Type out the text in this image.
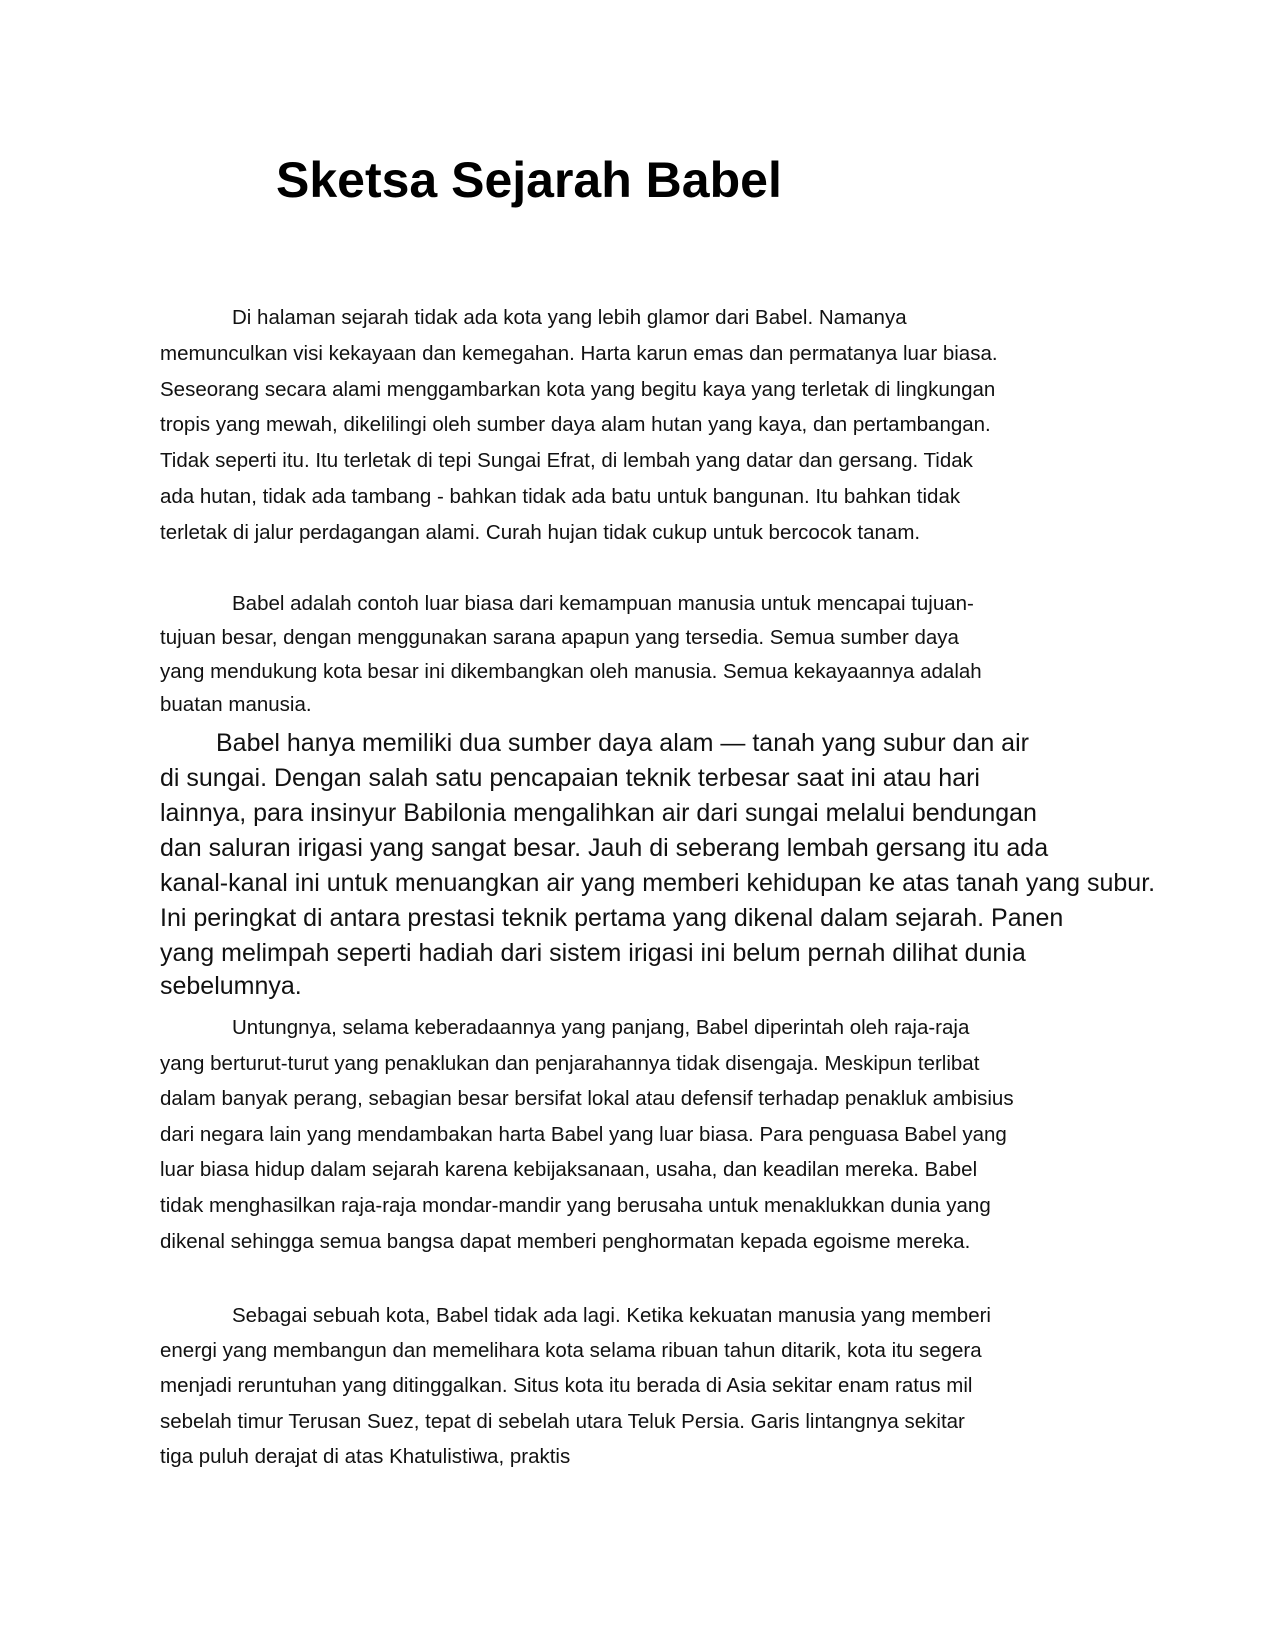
Sketsa Sejarah Babel
Di halaman sejarah tidak ada kota yang lebih glamor dari Babel. Namanya
memunculkan visi kekayaan dan kemegahan. Harta karun emas dan permatanya luar biasa.
Seseorang secara alami menggambarkan kota yang begitu kaya yang terletak di lingkungan
tropis yang mewah, dikelilingi oleh sumber daya alam hutan yang kaya, dan pertambangan.
Tidak seperti itu. Itu terletak di tepi Sungai Efrat, di lembah yang datar dan gersang. Tidak
ada hutan, tidak ada tambang - bahkan tidak ada batu untuk bangunan. Itu bahkan tidak
terletak di jalur perdagangan alami. Curah hujan tidak cukup untuk bercocok tanam.
Babel adalah contoh luar biasa dari kemampuan manusia untuk mencapai tujuan-
tujuan besar, dengan menggunakan sarana apapun yang tersedia. Semua sumber daya
yang mendukung kota besar ini dikembangkan oleh manusia. Semua kekayaannya adalah
buatan manusia.
Babel hanya memiliki dua sumber daya alam — tanah yang subur dan air
di sungai. Dengan salah satu pencapaian teknik terbesar saat ini atau hari
lainnya, para insinyur Babilonia mengalihkan air dari sungai melalui bendungan
dan saluran irigasi yang sangat besar. Jauh di seberang lembah gersang itu ada
kanal-kanal ini untuk menuangkan air yang memberi kehidupan ke atas tanah yang subur.
Ini peringkat di antara prestasi teknik pertama yang dikenal dalam sejarah. Panen
yang melimpah seperti hadiah dari sistem irigasi ini belum pernah dilihat dunia
sebelumnya.
Untungnya, selama keberadaannya yang panjang, Babel diperintah oleh raja-raja
yang berturut-turut yang penaklukan dan penjarahannya tidak disengaja. Meskipun terlibat
dalam banyak perang, sebagian besar bersifat lokal atau defensif terhadap penakluk ambisius
dari negara lain yang mendambakan harta Babel yang luar biasa. Para penguasa Babel yang
luar biasa hidup dalam sejarah karena kebijaksanaan, usaha, dan keadilan mereka. Babel
tidak menghasilkan raja-raja mondar-mandir yang berusaha untuk menaklukkan dunia yang
dikenal sehingga semua bangsa dapat memberi penghormatan kepada egoisme mereka.
Sebagai sebuah kota, Babel tidak ada lagi. Ketika kekuatan manusia yang memberi
energi yang membangun dan memelihara kota selama ribuan tahun ditarik, kota itu segera
menjadi reruntuhan yang ditinggalkan. Situs kota itu berada di Asia sekitar enam ratus mil
sebelah timur Terusan Suez, tepat di sebelah utara Teluk Persia. Garis lintangnya sekitar
tiga puluh derajat di atas Khatulistiwa, praktis
